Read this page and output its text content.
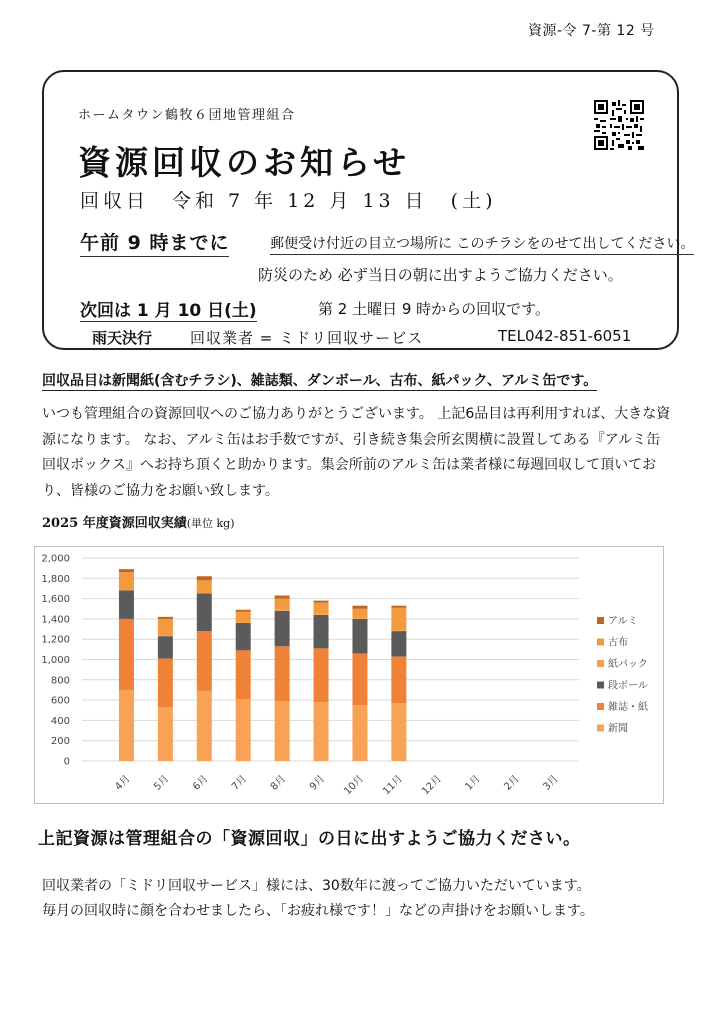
資源-令 7-第 12 号
ホームタウン鶴牧６団地管理組合
資源回収のお知らせ
回収日　令和 7 年 12 月 13 日　(土)
午前 9 時までに	郵便受け付近の目立つ場所に このチラシをのせて出してください。
防災のため 必ず当日の朝に出すようご協力ください。
次回は 1 月 10 日(土)	第 2 土曜日 9 時からの回収です。
雨天決行	回収業者 = ミドリ回収サービス	TEL042-851-6051
回収品目は新聞紙(含むチラシ)、雑誌類、ダンボール、古布、紙パック、アルミ缶です。
いつも管理組合の資源回収へのご協力ありがとうございます。 上記6品目は再利用すれば、大きな資源になります。 なお、アルミ缶はお手数ですが、引き続き集会所玄関横に設置してある『アルミ缶回収ボックス』へお持ち頂くと助かります。集会所前のアルミ缶は業者様に毎週回収して頂いており、皆様のご協力をお願い致します。
2025 年度資源回収実績(単位 kg)
0
200
400
600
800
1,000
1,200
1,400
1,600
1,800
2,000
4月 5月 6月 7月 8月 9月 10月 11月 12月 1月 2月 3月
アルミ
古布
紙パック
段ボール
雑誌・紙
新聞
上記資源は管理組合の「資源回収」の日に出すようご協力ください。
回収業者の「ミドリ回収サービス」様には、30数年に渡ってご協力いただいています。
毎月の回収時に顔を合わせましたら、「お疲れ様です！」などの声掛けをお願いします。
